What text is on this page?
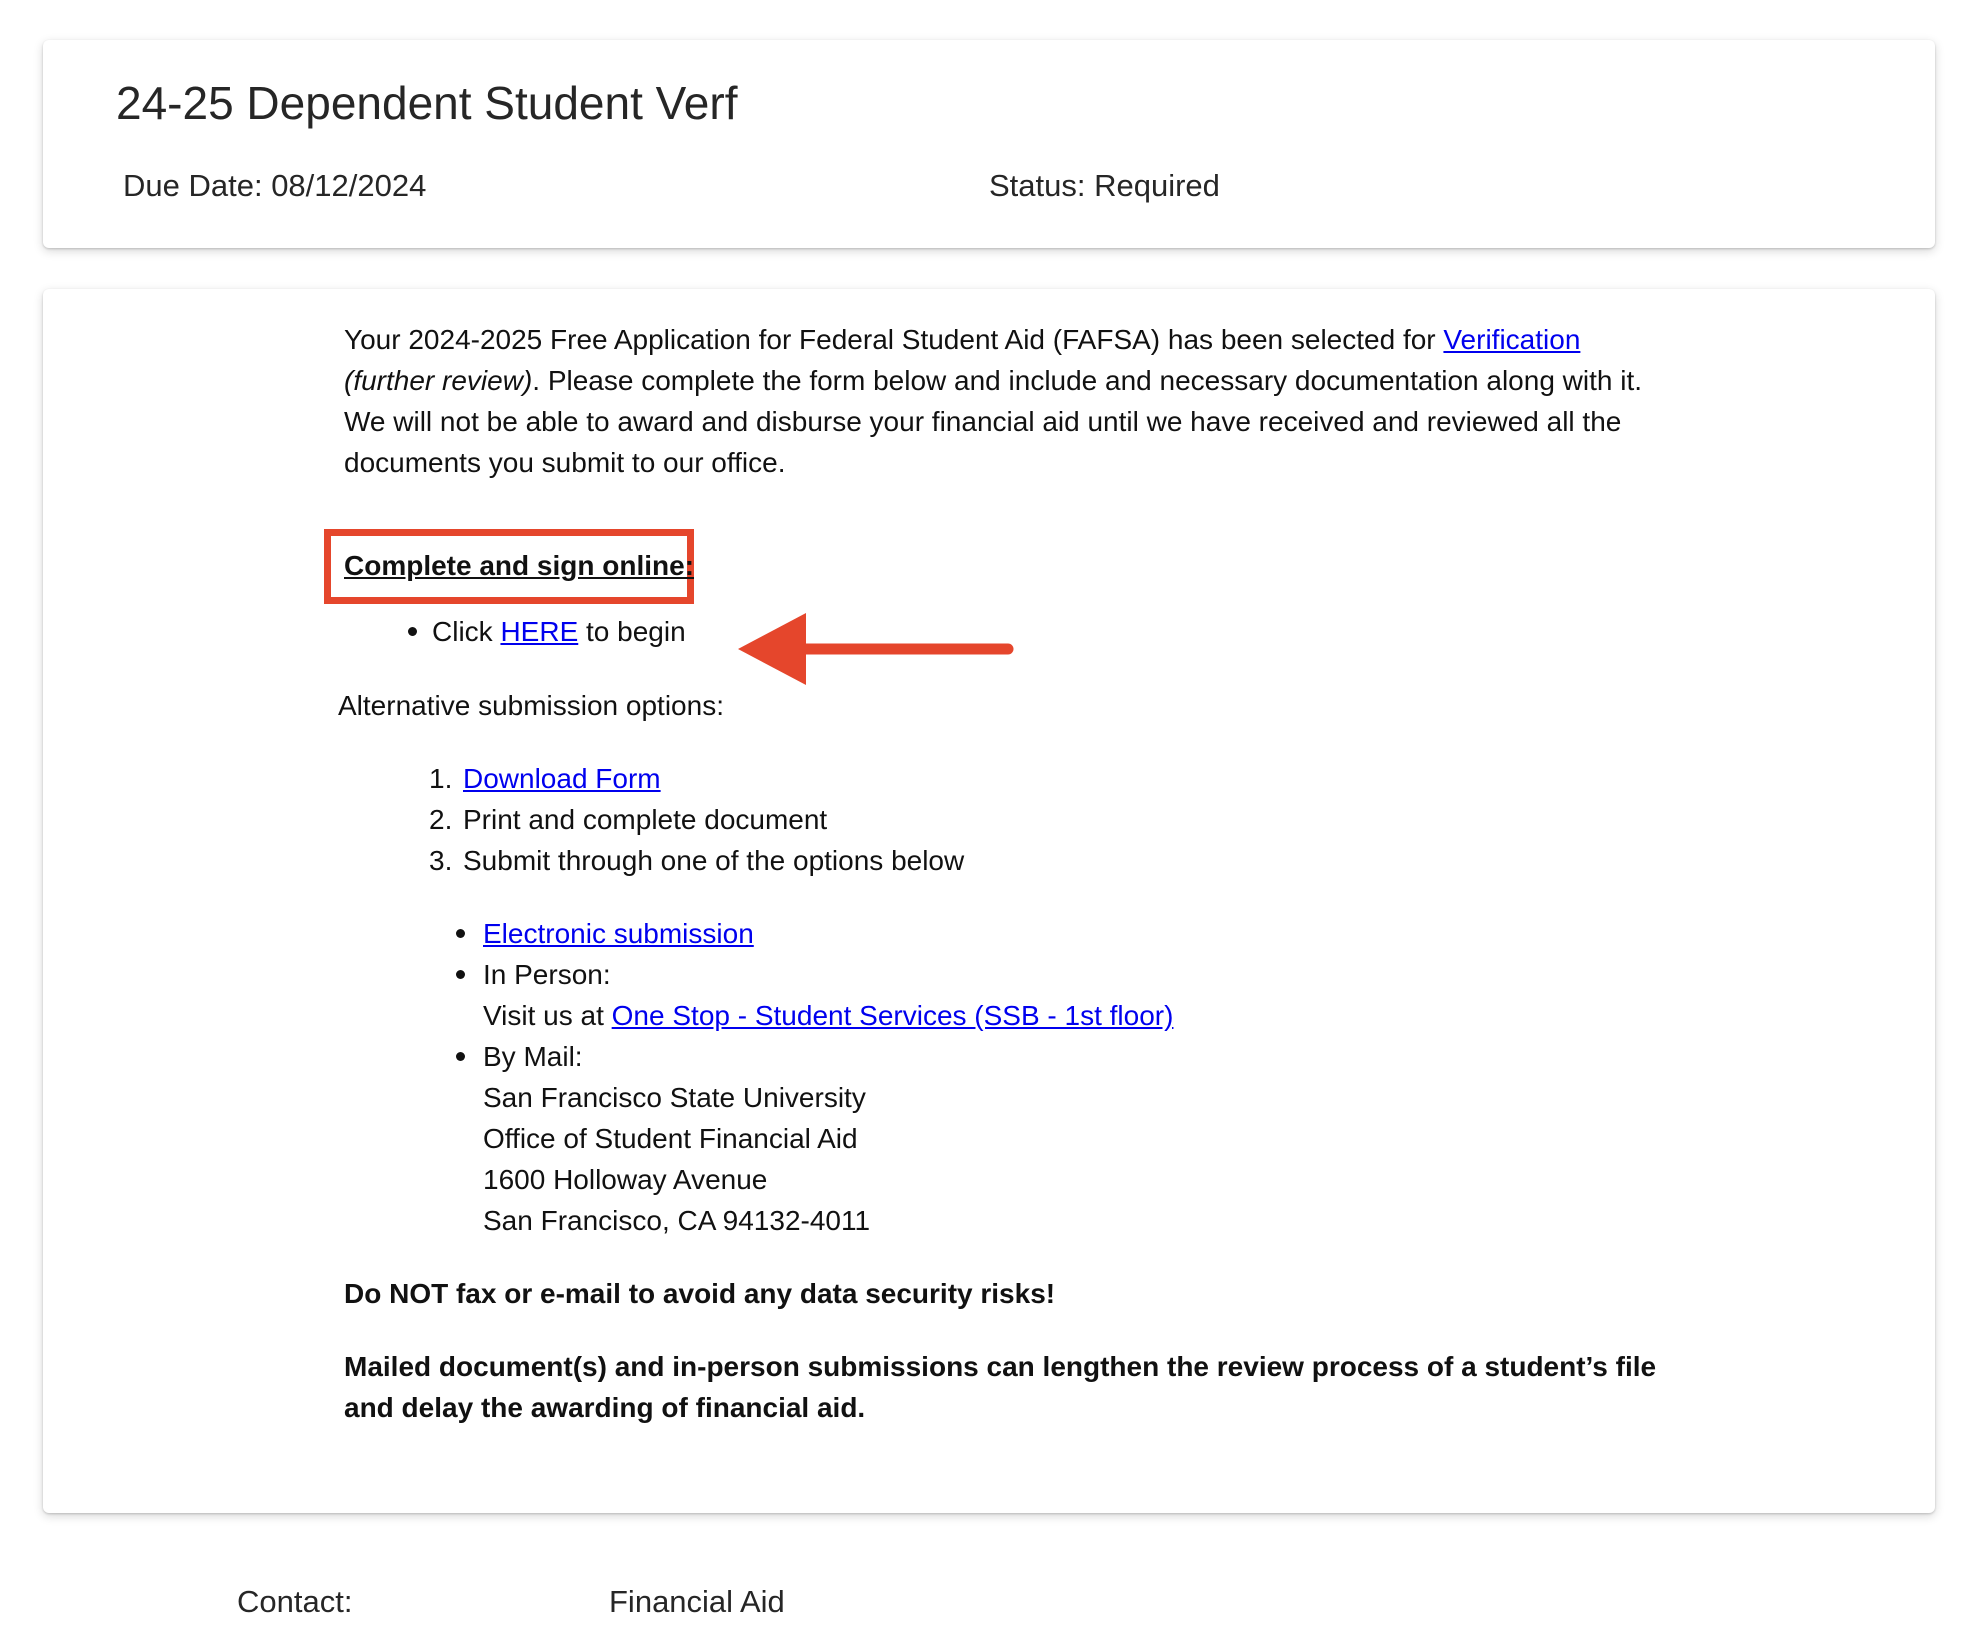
24-25 Dependent Student Verf
Due Date: 08/12/2024	Status: Required

Your 2024-2025 Free Application for Federal Student Aid (FAFSA) has been selected for Verification
(further review). Please complete the form below and include and necessary documentation along with it. We will not be able to award and disburse your financial aid until we have received and reviewed all the documents you submit to our office.

Complete and sign online:
Click HERE to begin
Alternative submission options:
1. Download Form
2. Print and complete document
3. Submit through one of the options below
Electronic submission
In Person:
Visit us at One Stop - Student Services (SSB - 1st floor)
By Mail:
San Francisco State University
Office of Student Financial Aid
1600 Holloway Avenue
San Francisco, CA 94132-4011
Do NOT fax or e-mail to avoid any data security risks!

Mailed document(s) and in-person submissions can lengthen the review process of a student’s file and delay the awarding of financial aid.

Contact:	Financial Aid
